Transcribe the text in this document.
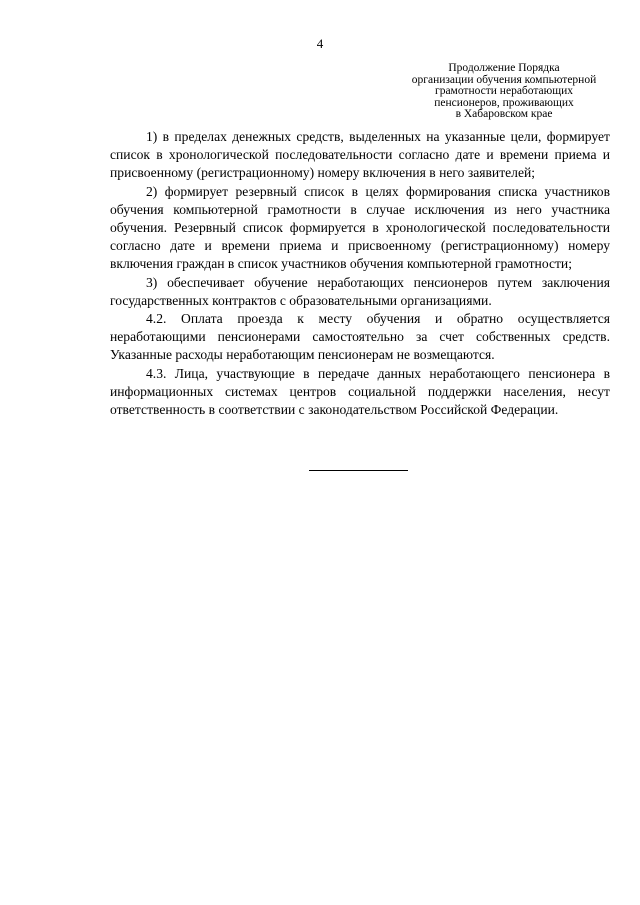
4
Продолжение Порядка
организации обучения компьютерной
грамотности неработающих
пенсионеров, проживающих
в Хабаровском крае

1) в пределах денежных средств, выделенных на указанные цели, формирует список в хронологической последовательности согласно дате и времени приема и присвоенному (регистрационному) номеру включения в него заявителей;

2) формирует резервный список в целях формирования списка участников обучения компьютерной грамотности в случае исключения из него участника обучения. Резервный список формируется в хронологической последовательности согласно дате и времени приема и присвоенному (регистрационному) номеру включения граждан в список участников обучения компьютерной грамотности;

3) обеспечивает обучение неработающих пенсионеров путем заключения государственных контрактов с образовательными организациями.

4.2. Оплата проезда к месту обучения и обратно осуществляется неработающими пенсионерами самостоятельно за счет собственных средств. Указанные расходы неработающим пенсионерам не возмещаются.

4.3. Лица, участвующие в передаче данных неработающего пенсионера в информационных системах центров социальной поддержки населения, несут ответственность в соответствии с законодательством Российской Федерации.
